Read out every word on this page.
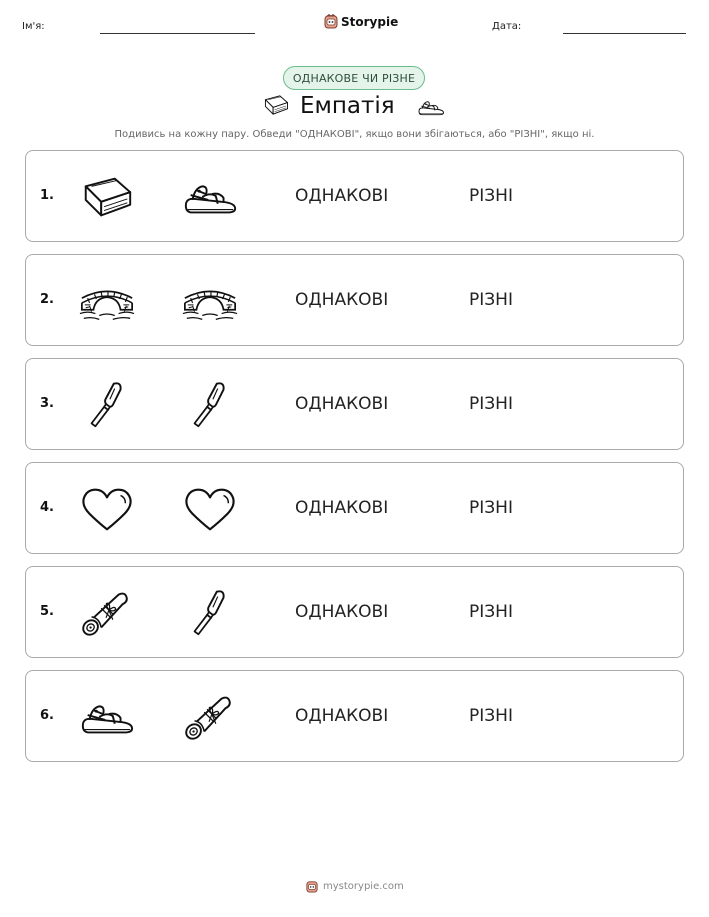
Ім'я:	Storypie	Дата:
ОДНАКОВЕ ЧИ РІЗНЕ
Емпатія
Подивись на кожну пару. Обведи "ОДНАКОВІ", якщо вони збігаються, або "РІЗНІ", якщо ні.
1.	ОДНАКОВІ	РІЗНІ
2.	ОДНАКОВІ	РІЗНІ
3.	ОДНАКОВІ	РІЗНІ
4.	ОДНАКОВІ	РІЗНІ
5.	ОДНАКОВІ	РІЗНІ
6.	ОДНАКОВІ	РІЗНІ
mystorypie.com
